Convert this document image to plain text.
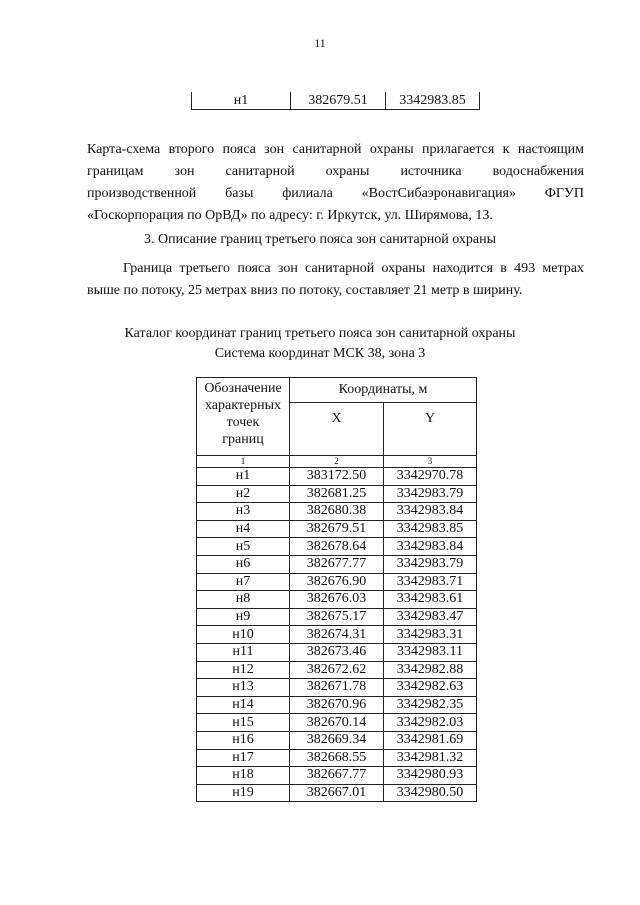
11
н1	382679.51	3342983.85
Карта-схема второго пояса зон санитарной охраны прилагается к настоящим
границам зон санитарной охраны источника водоснабжения
производственной базы филиала «ВостСибаэронавигация» ФГУП
«Госкорпорация по ОрВД» по адресу: г. Иркутск, ул. Ширямова, 13.
3. Описание границ третьего пояса зон санитарной охраны
Граница третьего пояса зон санитарной охраны находится в 493 метрах
выше по потоку, 25 метрах вниз по потоку, составляет 21 метр в ширину.
Каталог координат границ третьего пояса зон санитарной охраны
Система координат МСК 38, зона 3
Обозначение
характерных
точек
границ	Координаты, м	
	X	Y
1	2	3
н1	383172.50	3342970.78
н2	382681.25	3342983.79
н3	382680.38	3342983.84
н4	382679.51	3342983.85
н5	382678.64	3342983.84
н6	382677.77	3342983.79
н7	382676.90	3342983.71
н8	382676.03	3342983.61
н9	382675.17	3342983.47
н10	382674.31	3342983.31
н11	382673.46	3342983.11
н12	382672.62	3342982.88
н13	382671.78	3342982.63
н14	382670.96	3342982.35
н15	382670.14	3342982.03
н16	382669.34	3342981.69
н17	382668.55	3342981.32
н18	382667.77	3342980.93
н19	382667.01	3342980.50
